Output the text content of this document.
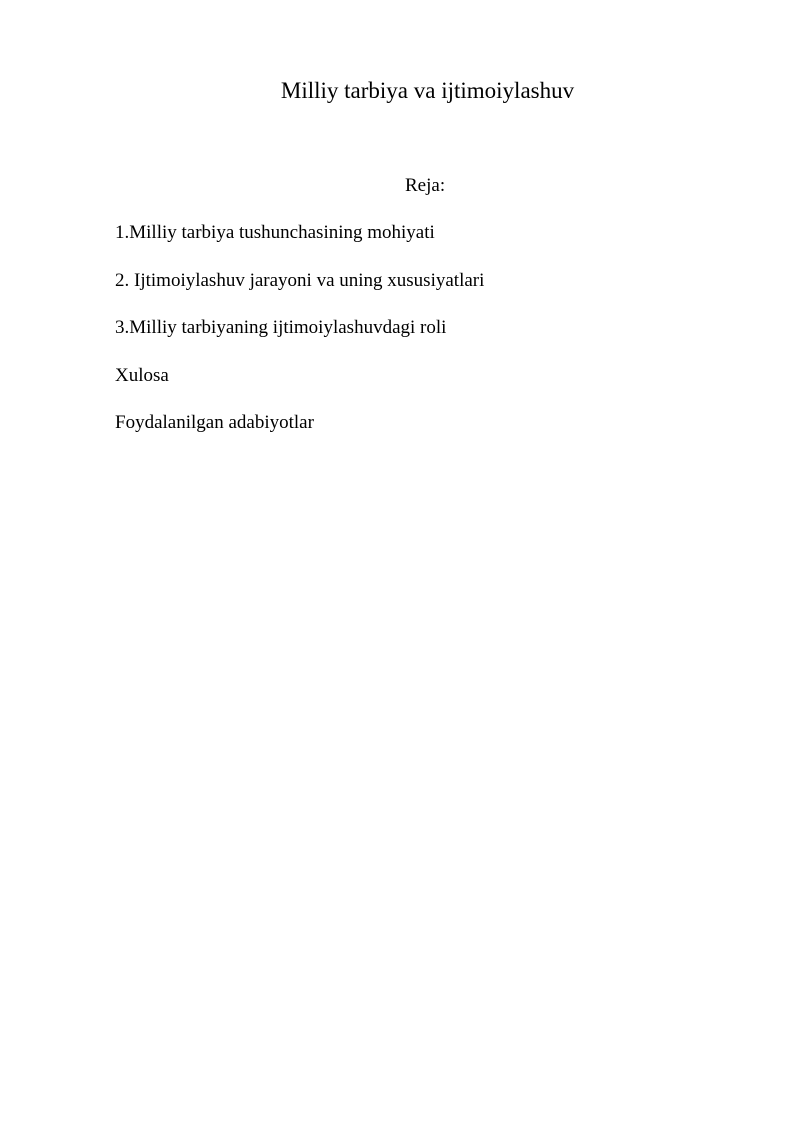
Milliy tarbiya va ijtimoiylashuv
Reja:
1.Milliy tarbiya tushunchasining mohiyati
2. Ijtimoiylashuv jarayoni va uning xususiyatlari
3.Milliy tarbiyaning ijtimoiylashuvdagi roli
Xulosa
Foydalanilgan adabiyotlar
